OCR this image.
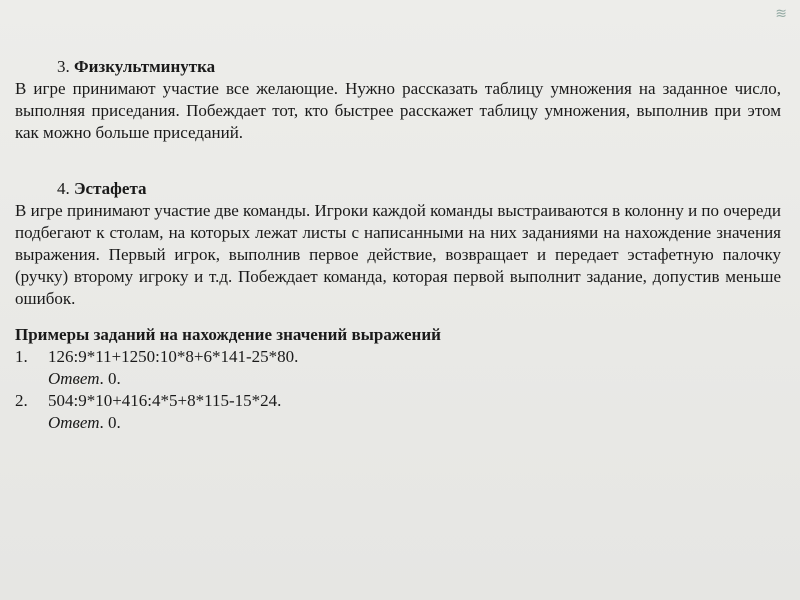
≋

3. Физкультминутка

В игре принимают участие все желающие. Нужно рассказать таблицу умножения на заданное число, выполняя приседания. Побеждает тот, кто быстрее расскажет таблицу умножения, выполнив при этом как можно больше приседаний.

4. Эстафета

В игре принимают участие две команды. Игроки каждой команды выстраиваются в колонну и по очереди подбегают к столам, на которых лежат листы с написанными на них заданиями на нахождение значения выражения. Первый игрок, выполнив первое действие, возвращает и передает эстафетную палочку (ручку) второму игроку и т.д. Побеждает команда, которая первой выполнит задание, допустив меньше ошибок.

Примеры заданий на нахождение значений выражений

1. 126:9*11+1250:10*8+6*141-25*80.

Ответ. 0.

2. 504:9*10+416:4*5+8*115-15*24.

Ответ. 0.
